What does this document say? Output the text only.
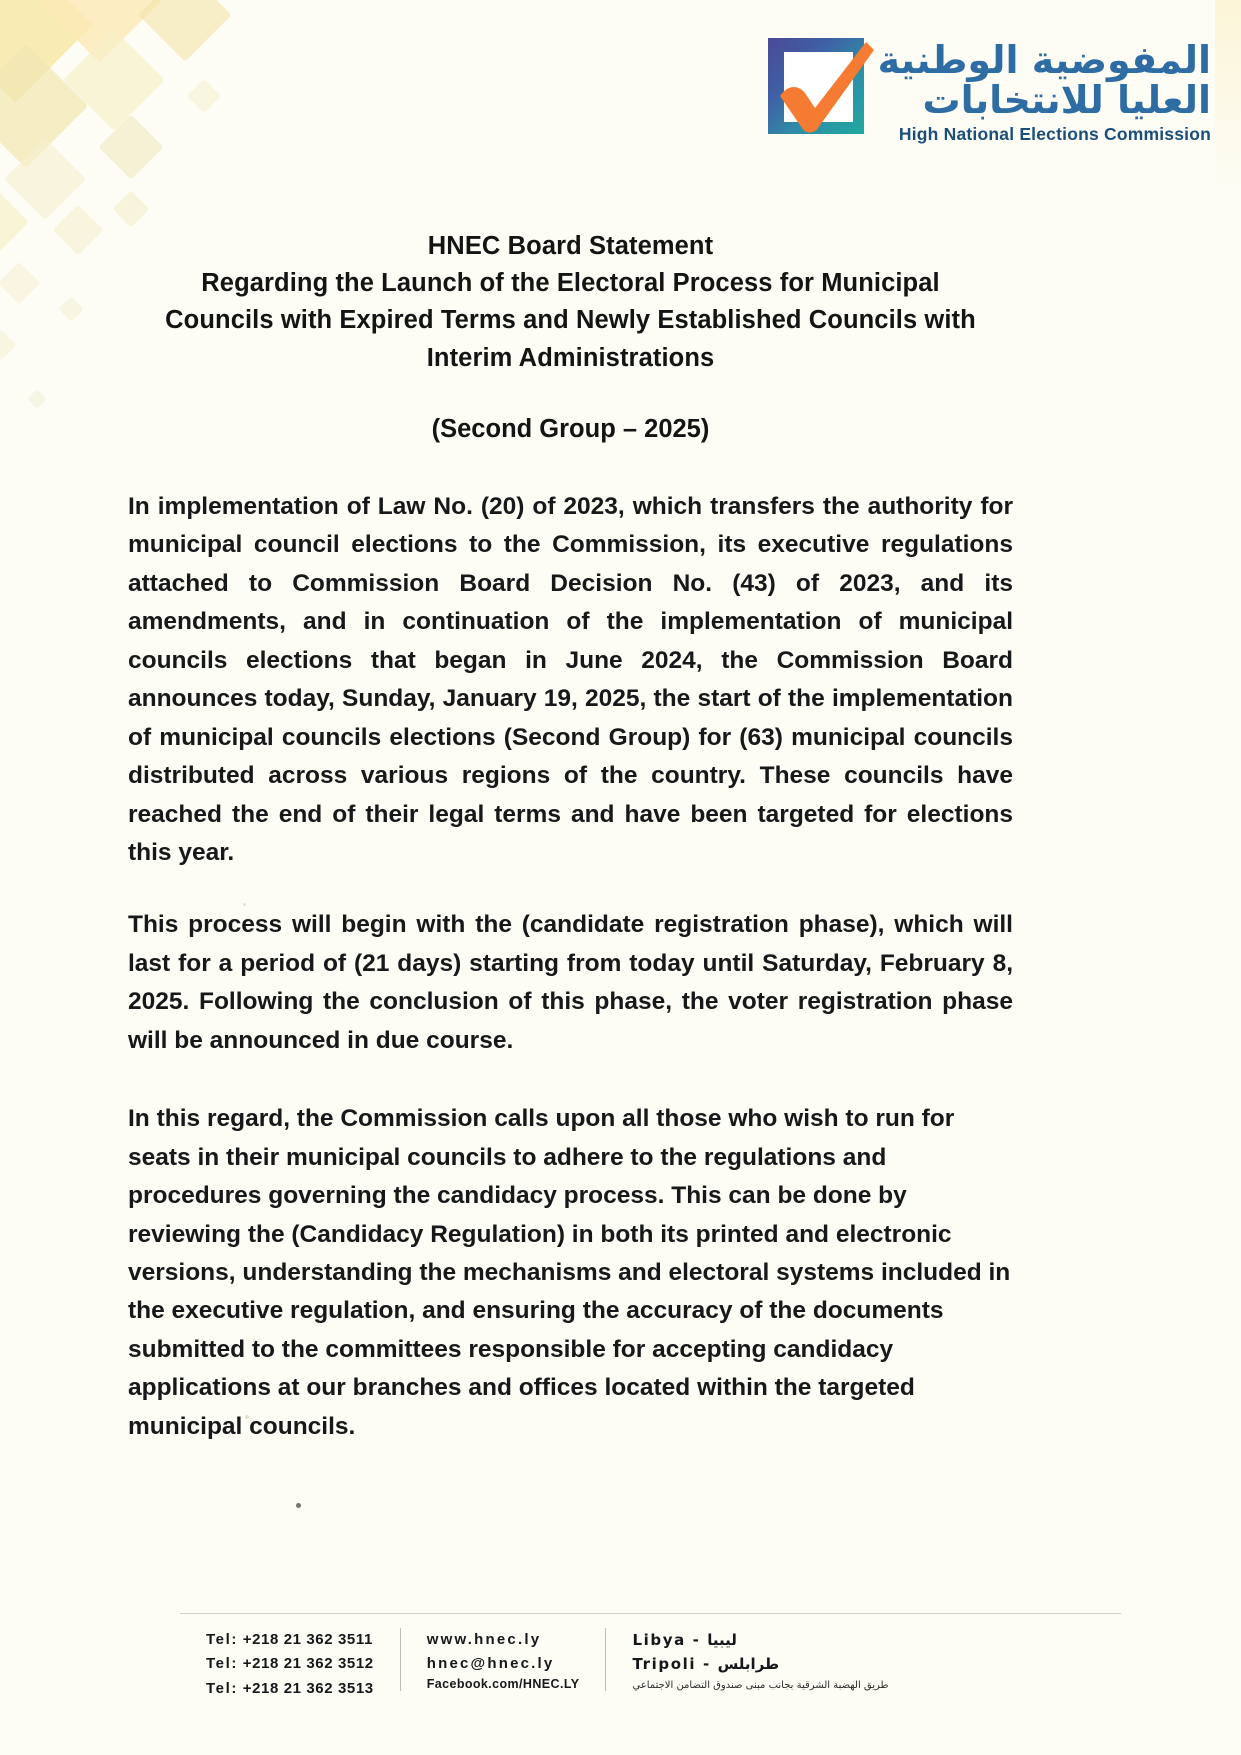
المفوضية الوطنية
العليا للانتخابات
High National Elections Commission
HNEC Board Statement
Regarding the Launch of the Electoral Process for Municipal
Councils with Expired Terms and Newly Established Councils with
Interim Administrations
(Second Group – 2025)

In implementation of Law No. (20) of 2023, which transfers the authority for municipal council elections to the Commission, its executive regulations attached to Commission Board Decision No. (43) of 2023, and its amendments, and in continuation of the implementation of municipal councils elections that began in June 2024, the Commission Board announces today, Sunday, January 19, 2025, the start of the implementation of municipal councils elections (Second Group) for (63) municipal councils distributed across various regions of the country. These councils have reached the end of their legal terms and have been targeted for elections this year.

This process will begin with the (candidate registration phase), which will last for a period of (21 days) starting from today until Saturday, February 8, 2025. Following the conclusion of this phase, the voter registration phase will be announced in due course.

In this regard, the Commission calls upon all those who wish to run for seats in their municipal councils to adhere to the regulations and procedures governing the candidacy process. This can be done by reviewing the (Candidacy Regulation) in both its printed and electronic versions, understanding the mechanisms and electoral systems included in the executive regulation, and ensuring the accuracy of the documents submitted to the committees responsible for accepting candidacy applications at our branches and offices located within the targeted municipal councils.

Tel: +218 21 362 3511
Tel: +218 21 362 3512
Tel: +218 21 362 3513
www.hnec.ly
hnec@hnec.ly
Facebook.com/HNEC.LY
Libya - ليبيا
Tripoli - طرابلس
طريق الهضبة الشرقية بجانب مبنى صندوق التضامن الاجتماعي
